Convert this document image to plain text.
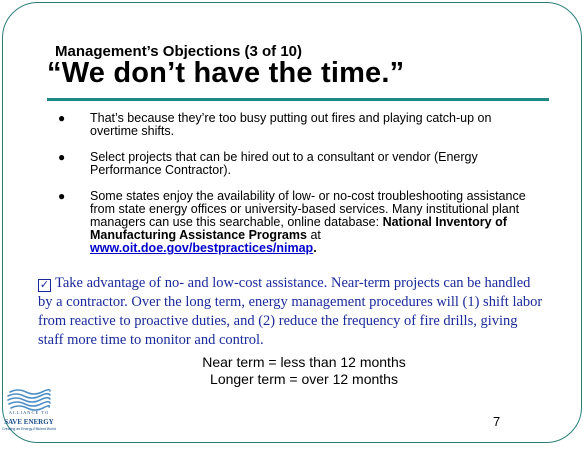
Management’s Objections (3 of 10)
“We don’t have the time.”
● That’s because they’re too busy putting out fires and playing catch-up on overtime shifts.
● Select projects that can be hired out to a consultant or vendor (Energy Performance Contractor).
● Some states enjoy the availability of low- or no-cost troubleshooting assistance from state energy offices or university-based services. Many institutional plant managers can use this searchable, online database: National Inventory of Manufacturing Assistance Programs at
www.oit.doe.gov/bestpractices/nimap.
✓ Take advantage of no- and low-cost assistance. Near-term projects can be handled by a contractor. Over the long term, energy management procedures will (1) shift labor from reactive to proactive duties, and (2) reduce the frequency of fire drills, giving staff more time to monitor and control.
Near term = less than 12 months
Longer term = over 12 months
7
ALLIANCE TO
SAVE ENERGY
Creating an Energy-Efficient World
